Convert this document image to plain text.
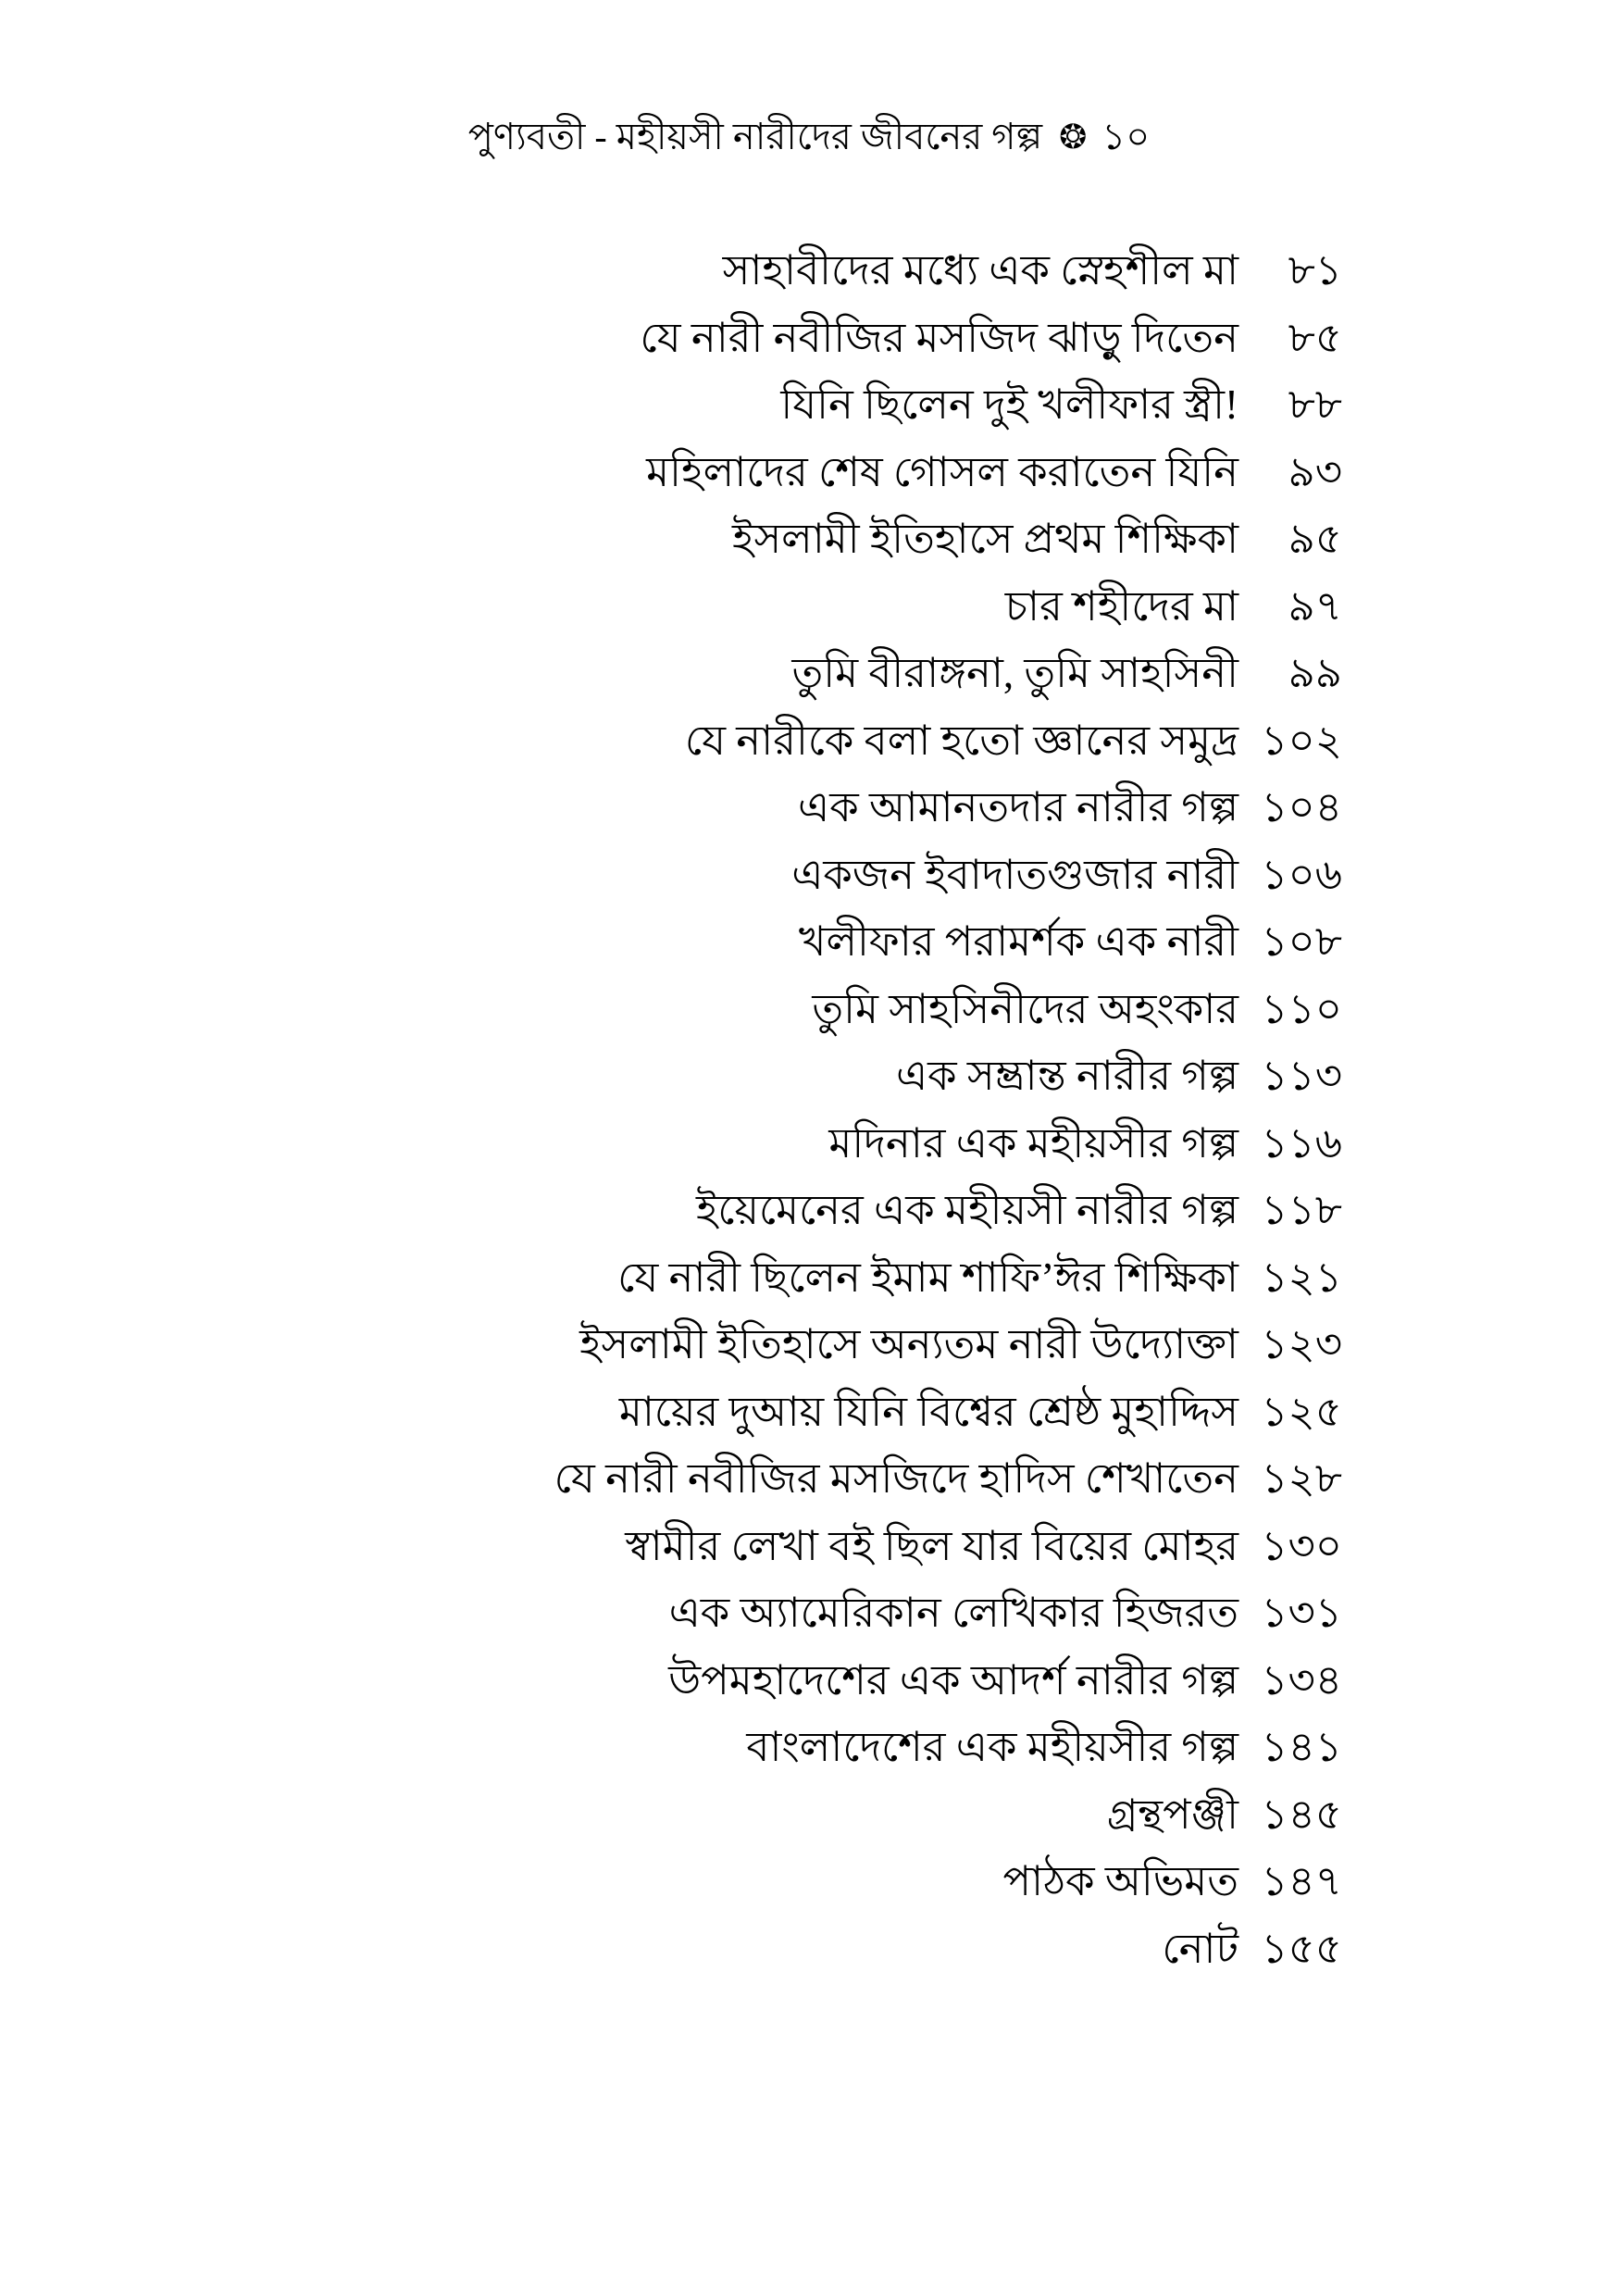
পুণ্যবতী - মহীয়সী নারীদের জীবনের গল্প ❂ ১০
সাহাবীদের মধ্যে এক স্নেহশীল মা	৮১
যে নারী নবীজির মসজিদ ঝাড়ু দিতেন	৮৫
যিনি ছিলেন দুই খলীফার স্ত্রী!	৮৮
মহিলাদের শেষ গোসল করাতেন যিনি	৯৩
ইসলামী ইতিহাসে প্রথম শিক্ষিকা	৯৫
চার শহীদের মা	৯৭
তুমি বীরাঙ্গনা, তুমি সাহসিনী	৯৯
যে নারীকে বলা হতো জ্ঞানের সমুদ্র ১০২
এক আমানতদার নারীর গল্প ১০৪
একজন ইবাদাতগুজার নারী ১০৬
খলীফার পরামর্শক এক নারী ১০৮
তুমি সাহসিনীদের অহংকার ১১০
এক সম্ভ্রান্ত নারীর গল্প ১১৩
মদিনার এক মহীয়সীর গল্প ১১৬
ইয়েমেনের এক মহীয়সী নারীর গল্প ১১৮
যে নারী ছিলেন ইমাম শাফি’ঈর শিক্ষিকা ১২১
ইসলামী ইতিহাসে অন্যতম নারী উদ্যোক্তা ১২৩
মায়ের দুআয় যিনি বিশ্বের শ্রেষ্ঠ মুহাদ্দিস ১২৫
যে নারী নবীজির মসজিদে হাদিস শেখাতেন ১২৮
স্বামীর লেখা বই ছিল যার বিয়ের মোহর ১৩০
এক অ্যামেরিকান লেখিকার হিজরত ১৩১
উপমহাদেশের এক আদর্শ নারীর গল্প ১৩৪
বাংলাদেশের এক মহীয়সীর গল্প ১৪১
গ্রন্থপঞ্জী ১৪৫
পাঠক অভিমত ১৪৭
নোট ১৫৫
